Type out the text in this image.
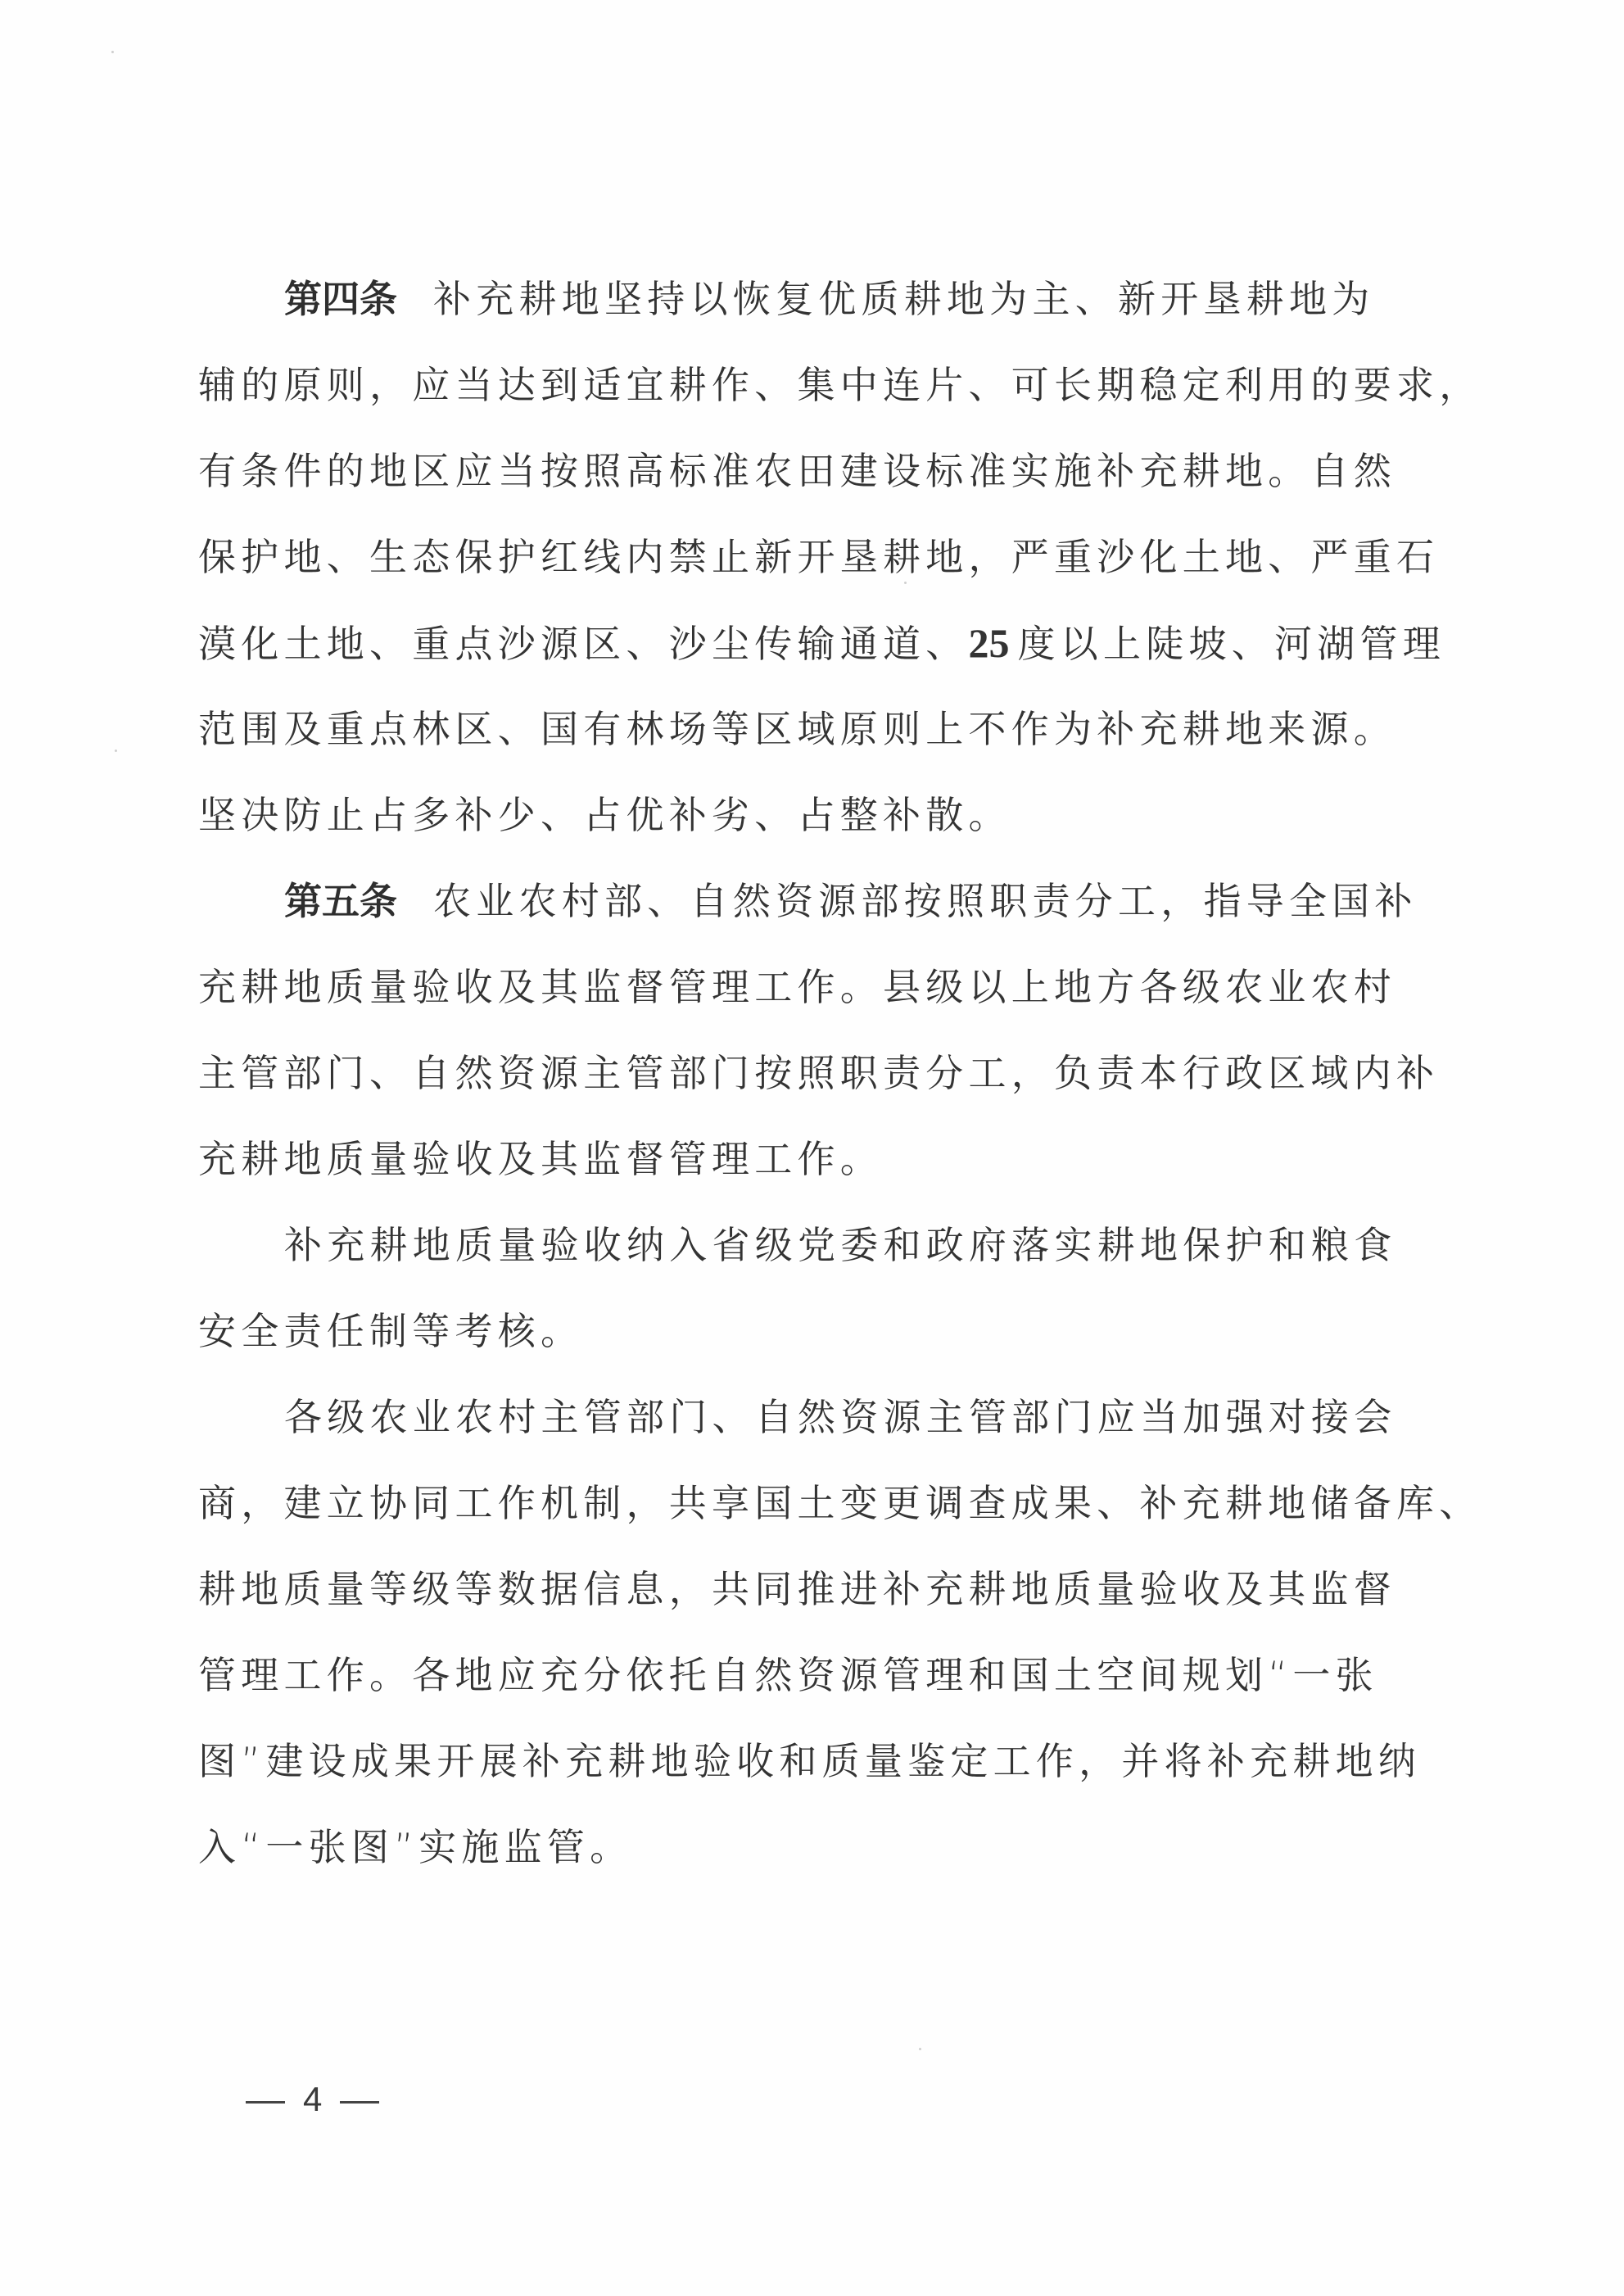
第四条 补充耕地坚持以恢复优质耕地为主、新开垦耕地为
辅的原则，应当达到适宜耕作、集中连片、可长期稳定利用的要求，
有条件的地区应当按照高标准农田建设标准实施补充耕地。自然
保护地、生态保护红线内禁止新开垦耕地，严重沙化土地、严重石
漠化土地、重点沙源区、沙尘传输通道、25 度以上陡坡、河湖管理
范围及重点林区、国有林场等区域原则上不作为补充耕地来源。
坚决防止占多补少、占优补劣、占整补散。
第五条 农业农村部、自然资源部按照职责分工，指导全国补
充耕地质量验收及其监督管理工作。县级以上地方各级农业农村
主管部门、自然资源主管部门按照职责分工，负责本行政区域内补
充耕地质量验收及其监督管理工作。
补充耕地质量验收纳入省级党委和政府落实耕地保护和粮食
安全责任制等考核。
各级农业农村主管部门、自然资源主管部门应当加强对接会
商，建立协同工作机制，共享国土变更调查成果、补充耕地储备库、
耕地质量等级等数据信息，共同推进补充耕地质量验收及其监督
管理工作。各地应充分依托自然资源管理和国土空间规划“一张
图”建设成果开展补充耕地验收和质量鉴定工作，并将补充耕地纳
入“一张图”实施监管。
4
